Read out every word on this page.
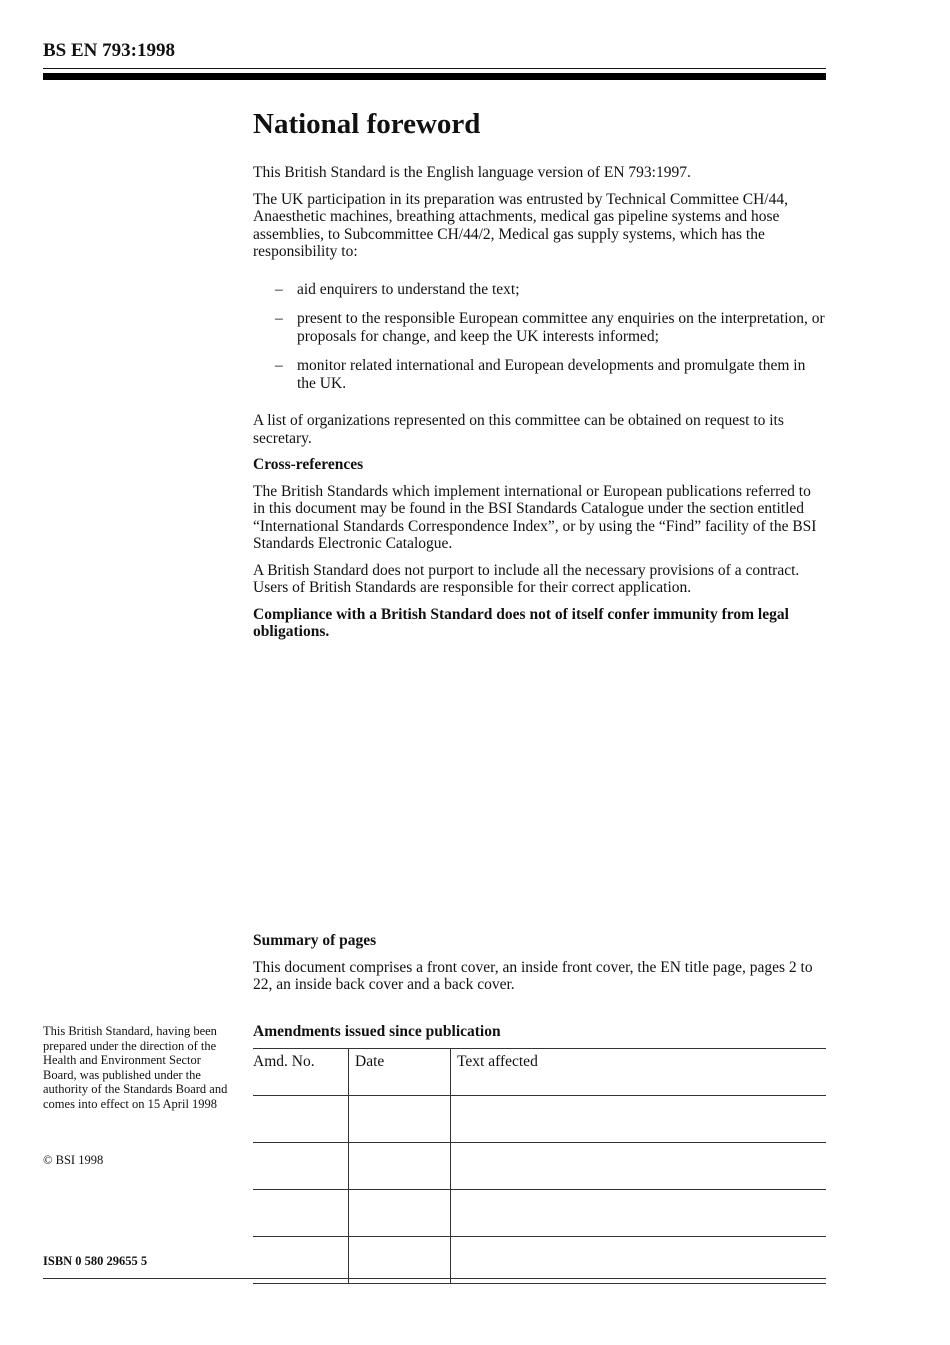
BS EN 793:1998
National foreword

This British Standard is the English language version of EN 793:1997.

The UK participation in its preparation was entrusted by Technical Committee CH/44, Anaesthetic machines, breathing attachments, medical gas pipeline systems and hose assemblies, to Subcommittee CH/44/2, Medical gas supply systems, which has the responsibility to:

– aid enquirers to understand the text;
– present to the responsible European committee any enquiries on the interpretation, or proposals for change, and keep the UK interests informed;
– monitor related international and European developments and promulgate them in the UK.

A list of organizations represented on this committee can be obtained on request to its secretary.

Cross-references

The British Standards which implement international or European publications referred to in this document may be found in the BSI Standards Catalogue under the section entitled “International Standards Correspondence Index”, or by using the “Find” facility of the BSI Standards Electronic Catalogue.

A British Standard does not purport to include all the necessary provisions of a contract. Users of British Standards are responsible for their correct application.

Compliance with a British Standard does not of itself confer immunity from legal obligations.

Summary of pages

This document comprises a front cover, an inside front cover, the EN title page, pages 2 to 22, an inside back cover and a back cover.

Amendments issued since publication
Amd. No.	Date	Text affected

This British Standard, having been prepared under the direction of the Health and Environment Sector Board, was published under the authority of the Standards Board and comes into effect on 15 April 1998
© BSI 1998
ISBN 0 580 29655 5
